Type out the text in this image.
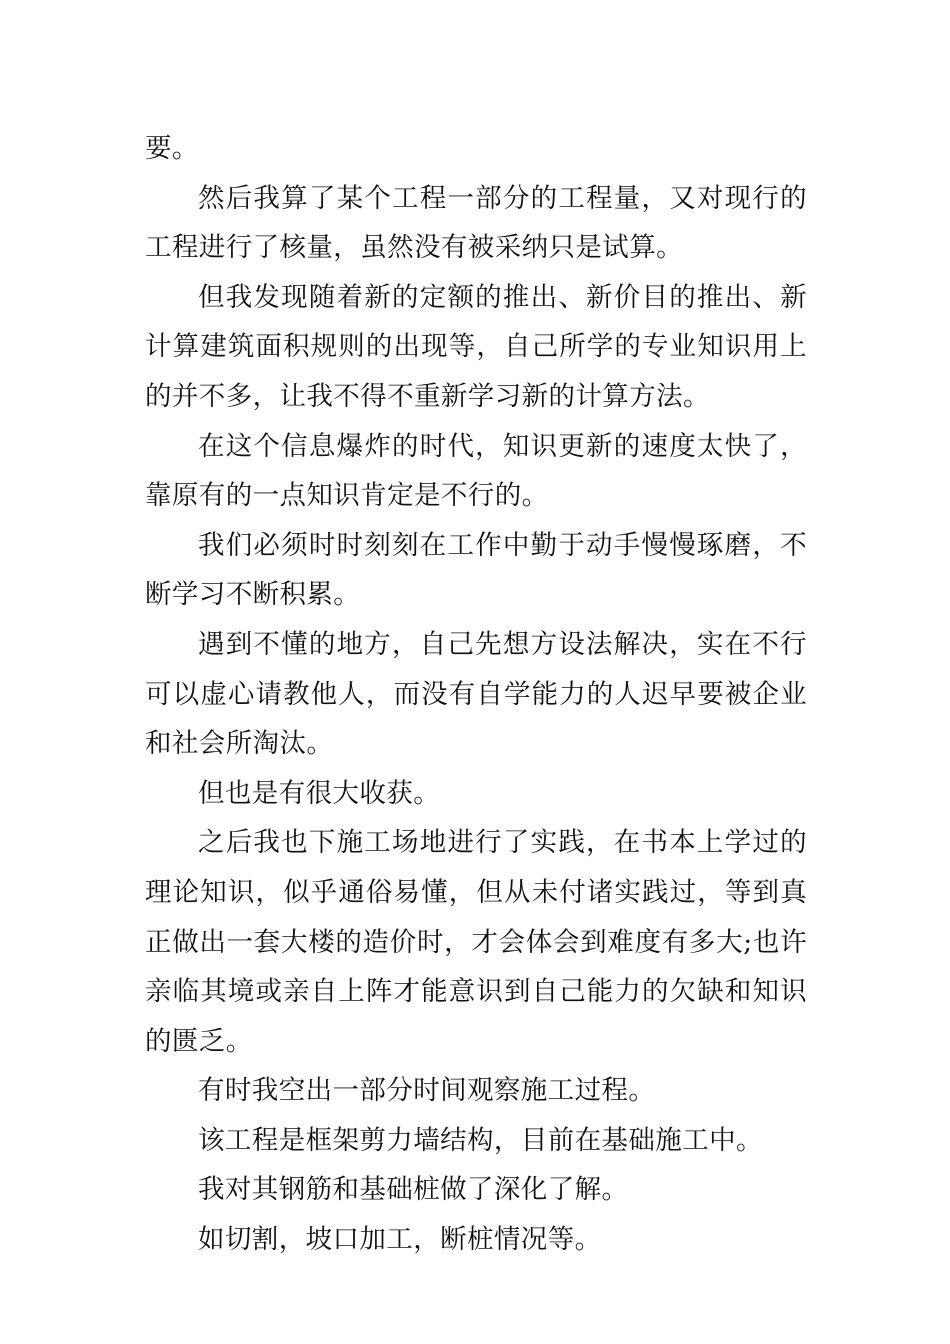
要。

然后我算了某个工程一部分的工程量，又对现行的工程进行了核量，虽然没有被采纳只是试算。

但我发现随着新的定额的推出、新价目的推出、新计算建筑面积规则的出现等，自己所学的专业知识用上的并不多，让我不得不重新学习新的计算方法。

在这个信息爆炸的时代，知识更新的速度太快了，靠原有的一点知识肯定是不行的。

我们必须时时刻刻在工作中勤于动手慢慢琢磨，不断学习不断积累。

遇到不懂的地方，自己先想方设法解决，实在不行可以虚心请教他人，而没有自学能力的人迟早要被企业和社会所淘汰。

但也是有很大收获。

之后我也下施工场地进行了实践，在书本上学过的理论知识，似乎通俗易懂，但从未付诸实践过，等到真正做出一套大楼的造价时，才会体会到难度有多大;也许亲临其境或亲自上阵才能意识到自己能力的欠缺和知识的匮乏。

有时我空出一部分时间观察施工过程。

该工程是框架剪力墙结构，目前在基础施工中。

我对其钢筋和基础桩做了深化了解。

如切割，坡口加工，断桩情况等。
